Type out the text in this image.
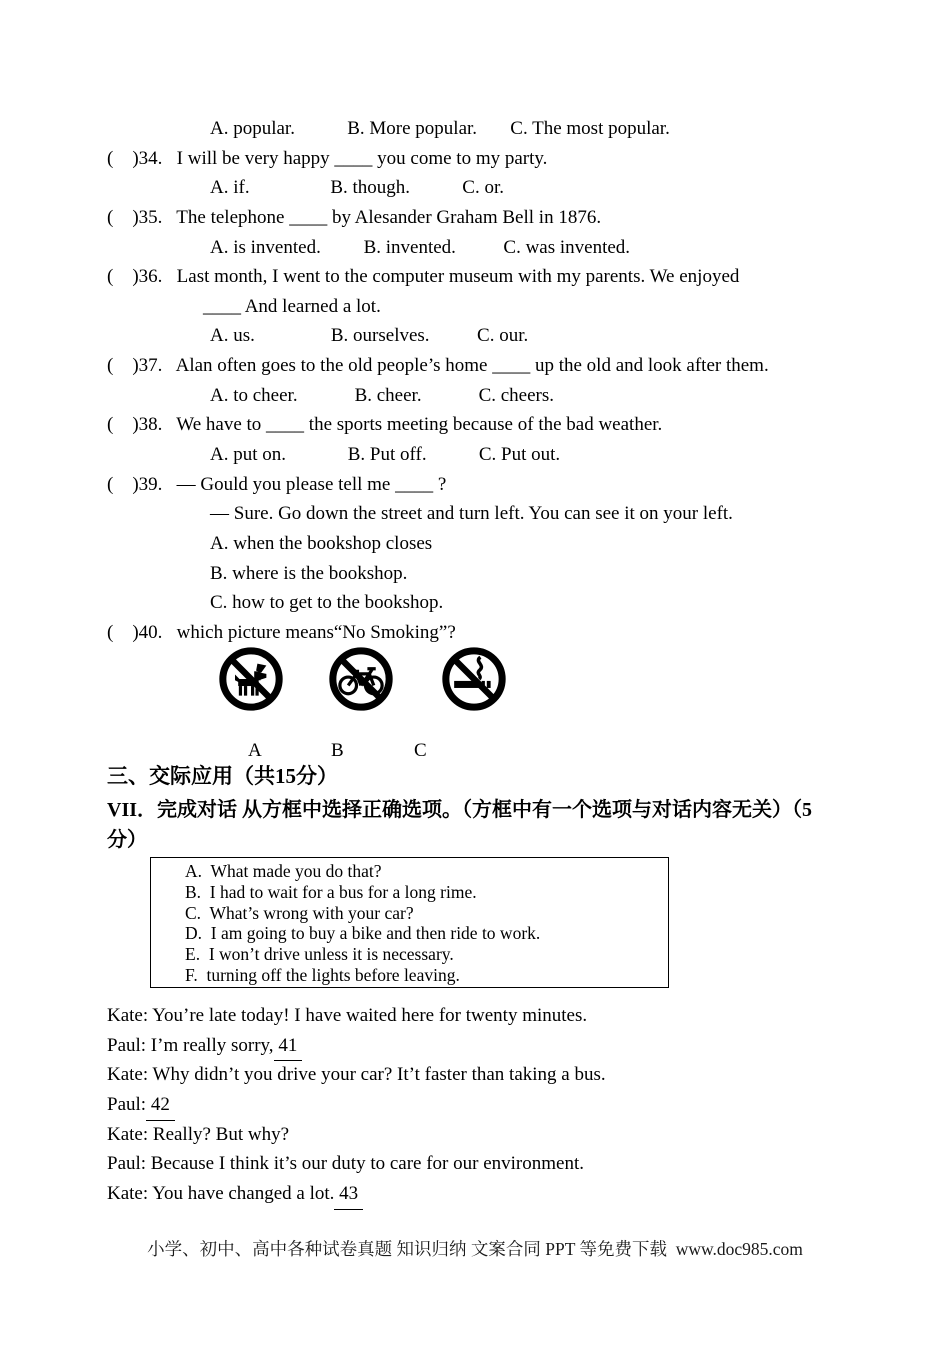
A. popular.           B. More popular.       C. The most popular.
(    )34.   I will be very happy ____ you come to my party.
A. if.                 B. though.           C. or.
(    )35.   The telephone ____ by Alesander Graham Bell in 1876.
A. is invented.         B. invented.          C. was invented.
(    )36.   Last month, I went to the computer museum with my parents. We enjoyed
____ And learned a lot.
A. us.                B. ourselves.          C. our.
(    )37.   Alan often goes to the old people’s home ____ up the old and look after them.
A. to cheer.            B. cheer.            C. cheers.
(    )38.   We have to ____ the sports meeting because of the bad weather.
A. put on.             B. Put off.           C. Put out.
(    )39.   — Gould you please tell me ____ ?
— Sure. Go down the street and turn left. You can see it on your left.
A. when the bookshop closes
B. where is the bookshop.
C. how to get to the bookshop.
(    )40.   which picture means“No Smoking”?
A	B	C
三、交际应用（共15分）
VII．完成对话 从方框中选择正确选项。（方框中有一个选项与对话内容无关）（5
分）
A.  What made you do that?
B.  I had to wait for a bus for a long rime.
C.  What’s wrong with your car?
D.  I am going to buy a bike and then ride to work.
E.  I won’t drive unless it is necessary.
F.  turning off the lights before leaving.
Kate: You’re late today! I have waited here for twenty minutes.
Paul: I’m really sorry, 41
Kate: Why didn’t you drive your car? It’t faster than taking a bus.
Paul: 42
Kate: Really? But why?
Paul: Because I think it’s our duty to care for our environment.
Kate: You have changed a lot. 43
小学、初中、高中各种试卷真题 知识归纳 文案合同 PPT 等免费下载  www.doc985.com
